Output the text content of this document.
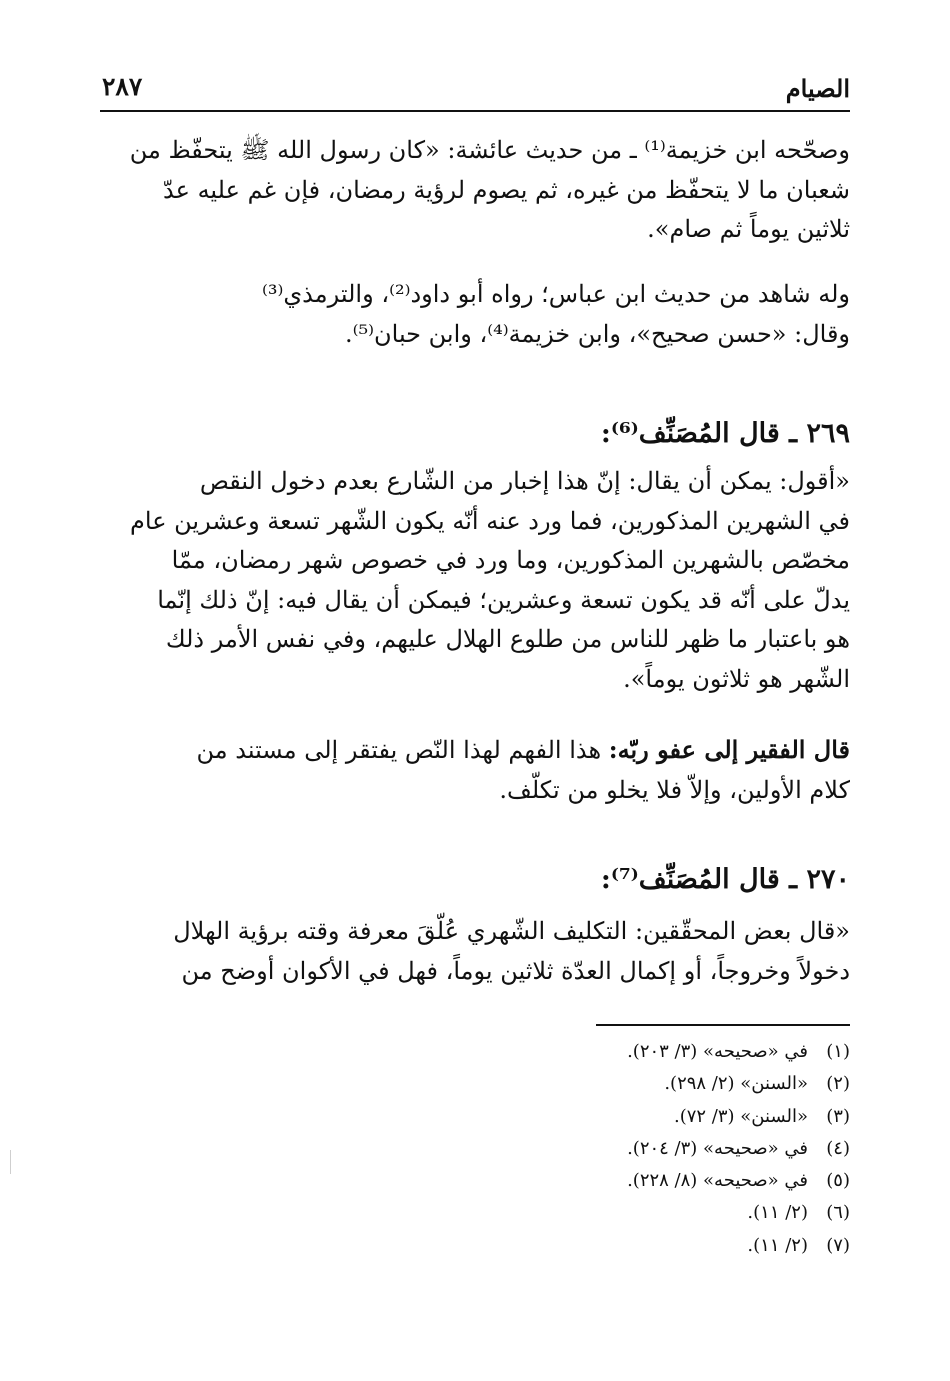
الصيام
٢٨٧
وصحّحه ابن خزيمة⁽¹⁾ ـ من حديث عائشة: «كان رسول الله ﷺ يتحفّظ من
شعبان ما لا يتحفّظ من غيره، ثم يصوم لرؤية رمضان، فإن غم عليه عدّ
ثلاثين يوماً ثم صام».
وله شاهد من حديث ابن عباس؛ رواه أبو داود⁽²⁾، والترمذي⁽³⁾
وقال: «حسن صحيح»، وابن خزيمة⁽⁴⁾، وابن حبان⁽⁵⁾.
٢٦٩ ـ قال المُصَنِّف⁽⁶⁾:
«أقول: يمكن أن يقال: إنّ هذا إخبار من الشّارع بعدم دخول النقص
في الشهرين المذكورين، فما ورد عنه أنّه يكون الشّهر تسعة وعشرين عام
مخصّص بالشهرين المذكورين، وما ورد في خصوص شهر رمضان، ممّا
يدلّ على أنّه قد يكون تسعة وعشرين؛ فيمكن أن يقال فيه: إنّ ذلك إنّما
هو باعتبار ما ظهر للناس من طلوع الهلال عليهم، وفي نفس الأمر ذلك
الشّهر هو ثلاثون يوماً».
قال الفقير إلى عفو ربّه: هذا الفهم لهذا النّص يفتقر إلى مستند من
كلام الأولين، وإلاّ فلا يخلو من تكلّف.
٢٧٠ ـ قال المُصَنِّف⁽⁷⁾:
«قال بعض المحقّقين: التكليف الشّهري عُلّقَ معرفة وقته برؤية الهلال
دخولاً وخروجاً، أو إكمال العدّة ثلاثين يوماً، فهل في الأكوان أوضح من
(١)في «صحيحه» (٣/ ٢٠٣).
(٢)«السنن» (٢/ ٢٩٨).
(٣)«السنن» (٣/ ٧٢).
(٤)في «صحيحه» (٣/ ٢٠٤).
(٥)في «صحيحه» (٨/ ٢٢٨).
(٦)(٢/ ١١).
(٧)(٢/ ١١).
